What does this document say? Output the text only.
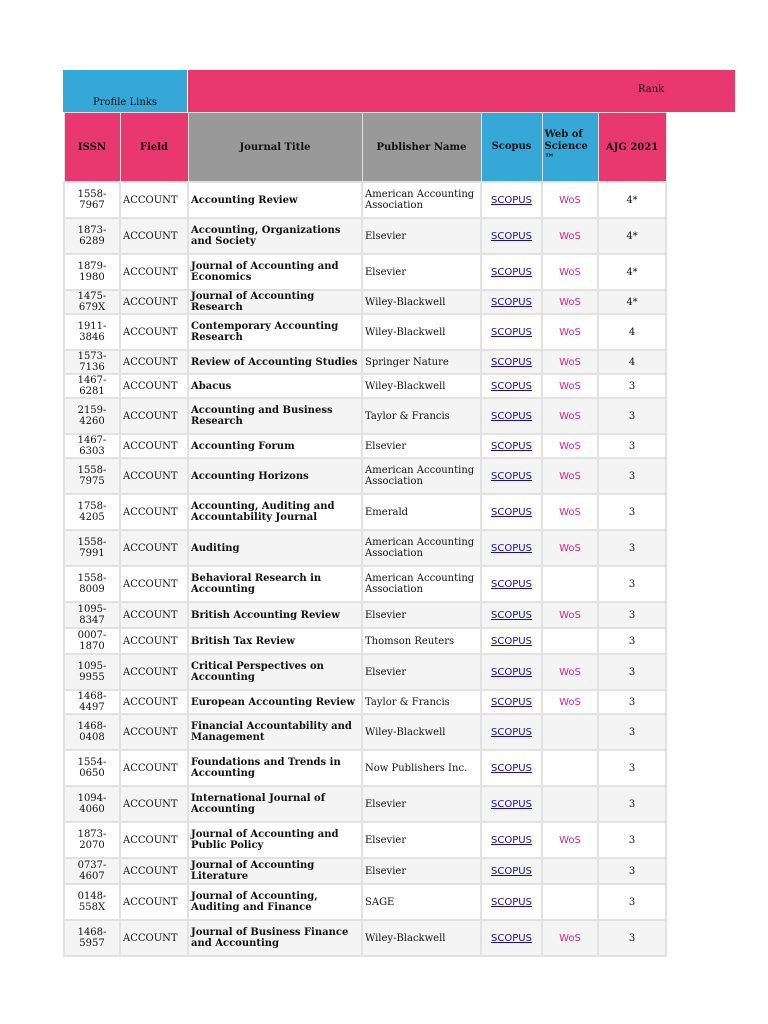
Profile Links
Rank
ISSN	Field	Journal Title	Publisher Name	Scopus	Web of Science ™	AJG 2021
1558-7967	ACCOUNT	Accounting Review	American Accounting Association	SCOPUS	WoS	4*
1873-6289	ACCOUNT	Accounting, Organizations and Society	Elsevier	SCOPUS	WoS	4*
1879-1980	ACCOUNT	Journal of Accounting and Economics	Elsevier	SCOPUS	WoS	4*
1475-679X	ACCOUNT	Journal of Accounting Research	Wiley-Blackwell	SCOPUS	WoS	4*
1911-3846	ACCOUNT	Contemporary Accounting Research	Wiley-Blackwell	SCOPUS	WoS	4
1573-7136	ACCOUNT	Review of Accounting Studies	Springer Nature	SCOPUS	WoS	4
1467-6281	ACCOUNT	Abacus	Wiley-Blackwell	SCOPUS	WoS	3
2159-4260	ACCOUNT	Accounting and Business Research	Taylor & Francis	SCOPUS	WoS	3
1467-6303	ACCOUNT	Accounting Forum	Elsevier	SCOPUS	WoS	3
1558-7975	ACCOUNT	Accounting Horizons	American Accounting Association	SCOPUS	WoS	3
1758-4205	ACCOUNT	Accounting, Auditing and Accountability Journal	Emerald	SCOPUS	WoS	3
1558-7991	ACCOUNT	Auditing	American Accounting Association	SCOPUS	WoS	3
1558-8009	ACCOUNT	Behavioral Research in Accounting	American Accounting Association	SCOPUS		3
1095-8347	ACCOUNT	British Accounting Review	Elsevier	SCOPUS	WoS	3
0007-1870	ACCOUNT	British Tax Review	Thomson Reuters	SCOPUS		3
1095-9955	ACCOUNT	Critical Perspectives on Accounting	Elsevier	SCOPUS	WoS	3
1468-4497	ACCOUNT	European Accounting Review	Taylor & Francis	SCOPUS	WoS	3
1468-0408	ACCOUNT	Financial Accountability and Management	Wiley-Blackwell	SCOPUS		3
1554-0650	ACCOUNT	Foundations and Trends in Accounting	Now Publishers Inc.	SCOPUS		3
1094-4060	ACCOUNT	International Journal of Accounting	Elsevier	SCOPUS		3
1873-2070	ACCOUNT	Journal of Accounting and Public Policy	Elsevier	SCOPUS	WoS	3
0737-4607	ACCOUNT	Journal of Accounting Literature	Elsevier	SCOPUS		3
0148-558X	ACCOUNT	Journal of Accounting, Auditing and Finance	SAGE	SCOPUS		3
1468-5957	ACCOUNT	Journal of Business Finance and Accounting	Wiley-Blackwell	SCOPUS	WoS	3
